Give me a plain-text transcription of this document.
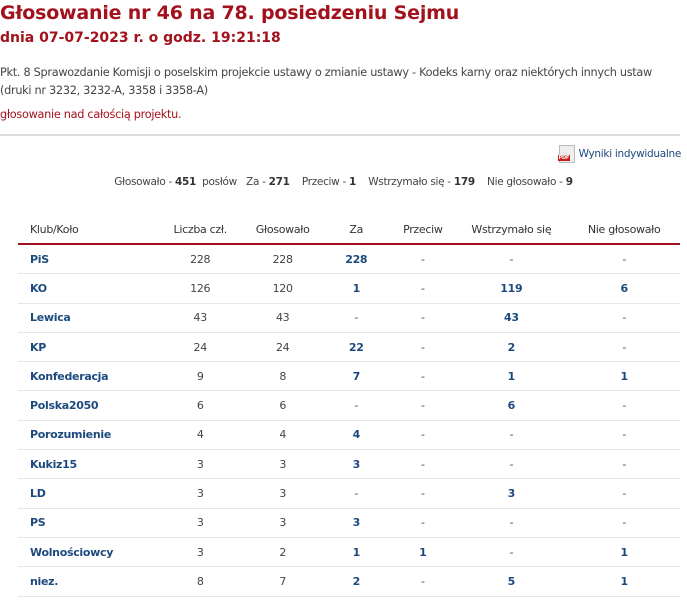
Głosowanie nr 46 na 78. posiedzeniu Sejmu
dnia 07-07-2023 r. o godz. 19:21:18
Pkt. 8 Sprawozdanie Komisji o poselskim projekcie ustawy o zmianie ustawy - Kodeks karny oraz niektórych innych ustaw (druki nr 3232, 3232-A, 3358 i 3358-A)
głosowanie nad całością projektu.
PDF Wyniki indywidualne
Głosowało - 451 posłów Za - 271 Przeciw - 1 Wstrzymało się - 179 Nie głosowało - 9
Klub/Koło	Liczba czł.	Głosowało	Za	Przeciw	Wstrzymało się	Nie głosowało
PiS	228	228	228	-	-	-
KO	126	120	1	-	119	6
Lewica	43	43	-	-	43	-
KP	24	24	22	-	2	-
Konfederacja	9	8	7	-	1	1
Polska2050	6	6	-	-	6	-
Porozumienie	4	4	4	-	-	-
Kukiz15	3	3	3	-	-	-
LD	3	3	-	-	3	-
PS	3	3	3	-	-	-
Wolnościowcy	3	2	1	1	-	1
niez.	8	7	2	-	5	1
